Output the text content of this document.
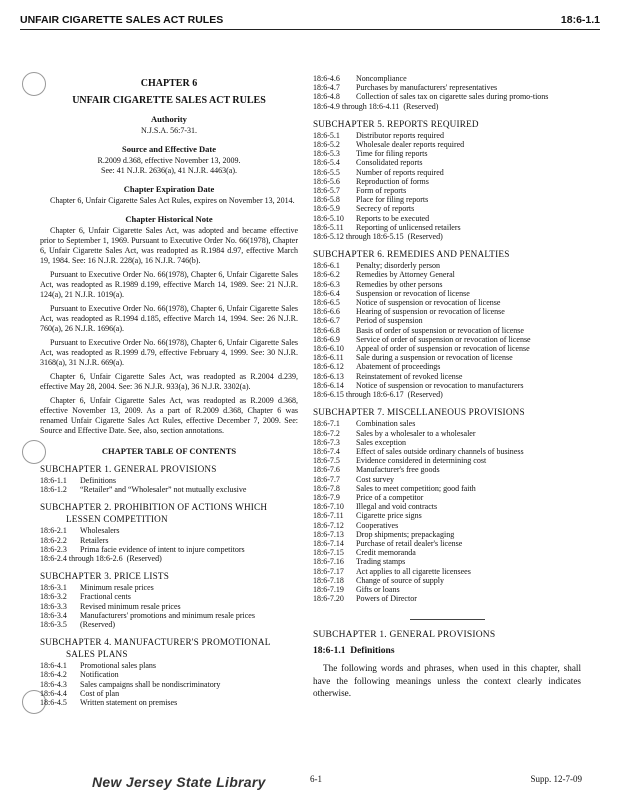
UNFAIR CIGARETTE SALES ACT RULES	18:6-1.1

CHAPTER 6

UNFAIR CIGARETTE SALES ACT RULES

Authority

N.J.S.A. 56:7-31.

Source and Effective Date

R.2009 d.368, effective November 13, 2009.

See: 41 N.J.R. 2636(a), 41 N.J.R. 4463(a).

Chapter Expiration Date

Chapter 6, Unfair Cigarette Sales Act Rules, expires on November 13, 2014.

Chapter Historical Note

Chapter 6, Unfair Cigarette Sales Act, was adopted and became effective prior to September 1, 1969. Pursuant to Executive Order No. 66(1978), Chapter 6, Unfair Cigarette Sales Act, was readopted as R.1984 d.97, effective March 19, 1984. See: 16 N.J.R. 228(a), 16 N.J.R. 746(b).

Pursuant to Executive Order No. 66(1978), Chapter 6, Unfair Cigarette Sales Act, was readopted as R.1989 d.199, effective March 14, 1989. See: 21 N.J.R. 124(a), 21 N.J.R. 1019(a).

Pursuant to Executive Order No. 66(1978), Chapter 6, Unfair Cigarette Sales Act, was readopted as R.1994 d.185, effective March 14, 1994. See: 26 N.J.R. 760(a), 26 N.J.R. 1696(a).

Pursuant to Executive Order No. 66(1978), Chapter 6, Unfair Cigarette Sales Act, was readopted as R.1999 d.79, effective February 4, 1999. See: 30 N.J.R. 3168(a), 31 N.J.R. 669(a).

Chapter 6, Unfair Cigarette Sales Act, was readopted as R.2004 d.239, effective May 28, 2004. See: 36 N.J.R. 933(a), 36 N.J.R. 3302(a).

Chapter 6, Unfair Cigarette Sales Act, was readopted as R.2009 d.368, effective November 13, 2009. As a part of R.2009 d.368, Chapter 6 was renamed Unfair Cigarette Sales Act Rules, effective December 7, 2009. See: Source and Effective Date. See, also, section annotations.

CHAPTER TABLE OF CONTENTS

SUBCHAPTER 1. GENERAL PROVISIONS

18:6-1.1	Definitions
18:6-1.2	“Retailer” and “Wholesaler” not mutually exclusive

SUBCHAPTER 2. PROHIBITION OF ACTIONS WHICH

LESSEN COMPETITION

18:6-2.1	Wholesalers
18:6-2.2	Retailers
18:6-2.3	Prima facie evidence of intent to injure competitors
18:6-2.4 through 18:6-2.6  (Reserved)	

SUBCHAPTER 3. PRICE LISTS

18:6-3.1	Minimum resale prices
18:6-3.2	Fractional cents
18:6-3.3	Revised minimum resale prices
18:6-3.4	Manufacturers' promotions and minimum resale prices
18:6-3.5	(Reserved)

SUBCHAPTER 4. MANUFACTURER'S PROMOTIONAL

SALES PLANS

18:6-4.1	Promotional sales plans
18:6-4.2	Notification
18:6-4.3	Sales campaigns shall be nondiscriminatory
18:6-4.4	Cost of plan
18:6-4.5	Written statement on premises
18:6-4.6	Noncompliance
18:6-4.7	Purchases by manufacturers' representatives
18:6-4.8	Collection of sales tax on cigarette sales during promo-tions
18:6-4.9 through 18:6-4.11  (Reserved)	

SUBCHAPTER 5. REPORTS REQUIRED

18:6-5.1	Distributor reports required
18:6-5.2	Wholesale dealer reports required
18:6-5.3	Time for filing reports
18:6-5.4	Consolidated reports
18:6-5.5	Number of reports required
18:6-5.6	Reproduction of forms
18:6-5.7	Form of reports
18:6-5.8	Place for filing reports
18:6-5.9	Secrecy of reports
18:6-5.10	Reports to be executed
18:6-5.11	Reporting of unlicensed retailers
18:6-5.12 through 18:6-5.15  (Reserved)	

SUBCHAPTER 6. REMEDIES AND PENALTIES

18:6-6.1	Penalty; disorderly person
18:6-6.2	Remedies by Attorney General
18:6-6.3	Remedies by other persons
18:6-6.4	Suspension or revocation of license
18:6-6.5	Notice of suspension or revocation of license
18:6-6.6	Hearing of suspension or revocation of license
18:6-6.7	Period of suspension
18:6-6.8	Basis of order of suspension or revocation of license
18:6-6.9	Service of order of suspension or revocation of license
18:6-6.10	Appeal of order of suspension or revocation of license
18:6-6.11	Sale during a suspension or revocation of license
18:6-6.12	Abatement of proceedings
18:6-6.13	Reinstatement of revoked license
18:6-6.14	Notice of suspension or revocation to manufacturers
18:6-6.15 through 18:6-6.17  (Reserved)	

SUBCHAPTER 7. MISCELLANEOUS PROVISIONS

18:6-7.1	Combination sales
18:6-7.2	Sales by a wholesaler to a wholesaler
18:6-7.3	Sales exception
18:6-7.4	Effect of sales outside ordinary channels of business
18:6-7.5	Evidence considered in determining cost
18:6-7.6	Manufacturer's free goods
18:6-7.7	Cost survey
18:6-7.8	Sales to meet competition; good faith
18:6-7.9	Price of a competitor
18:6-7.10	Illegal and void contracts
18:6-7.11	Cigarette price signs
18:6-7.12	Cooperatives
18:6-7.13	Drop shipments; prepackaging
18:6-7.14	Purchase of retail dealer's license
18:6-7.15	Credit memoranda
18:6-7.16	Trading stamps
18:6-7.17	Act applies to all cigarette licensees
18:6-7.18	Change of source of supply
18:6-7.19	Gifts or loans
18:6-7.20	Powers of Director

SUBCHAPTER 1. GENERAL PROVISIONS

18:6-1.1 Definitions

The following words and phrases, when used in this chapter, shall have the following meanings unless the context clearly indicates otherwise.

New Jersey State Library	6-1	Supp. 12-7-09
